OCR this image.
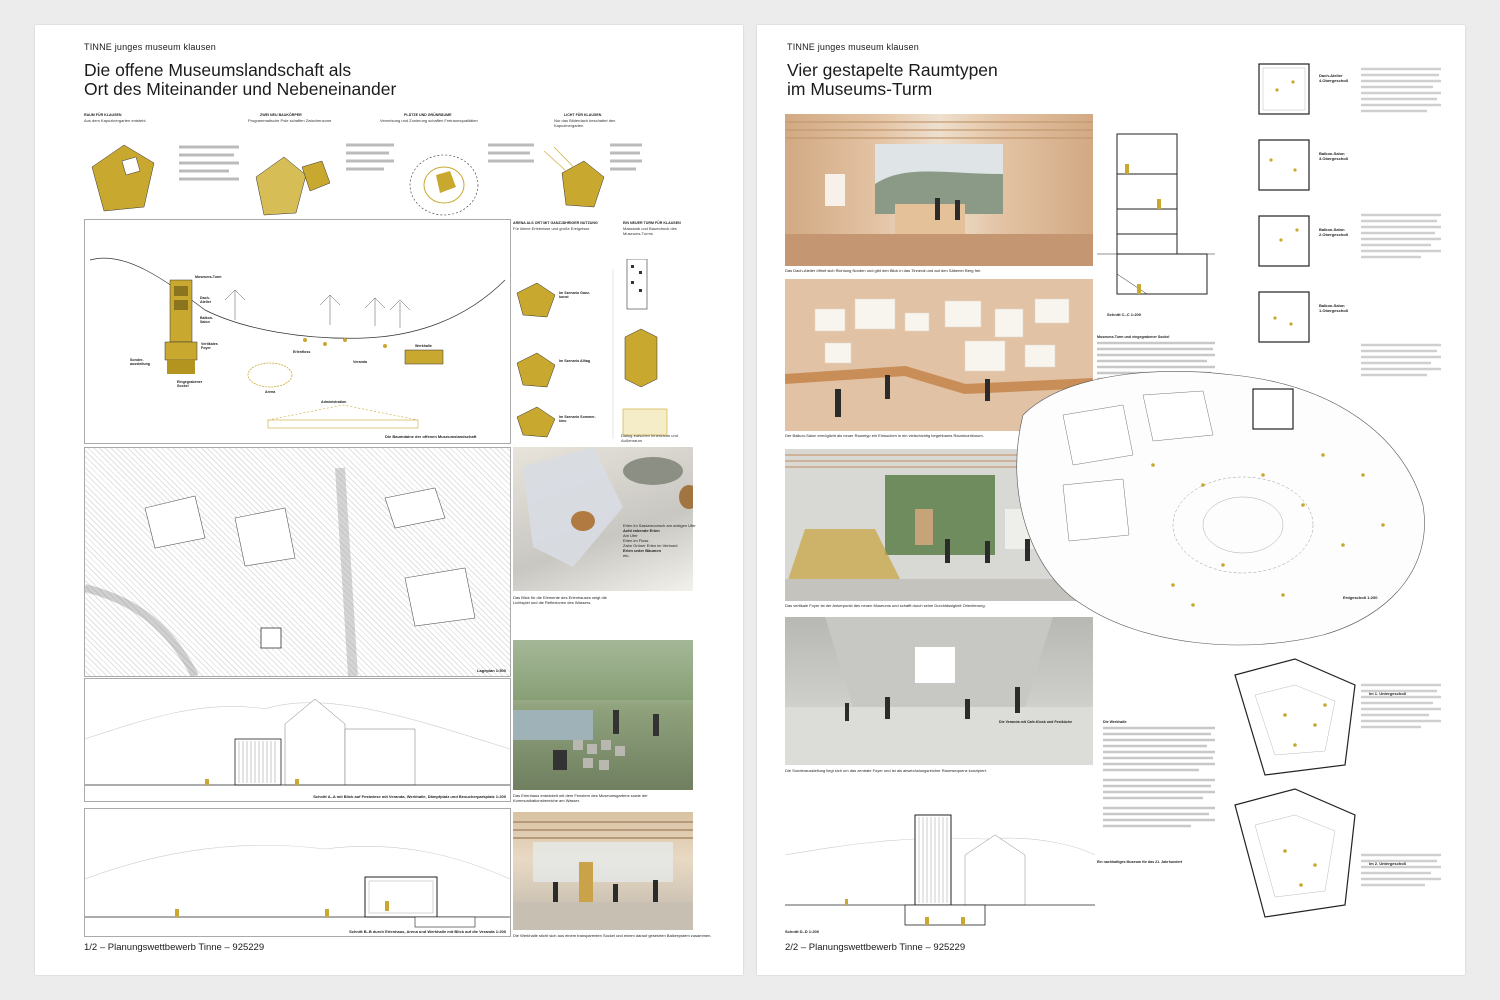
TINNE junges museum klausen
Die offene Museumslandschaft als
Ort des Miteinander und Nebeneinander
RAUM FÜR KLAUSEN
Aus dem Kapuzinergarten entsteht
ZWEI NEU BAUKÖRPER
Programmatische Pole schaffen Zwischenzone
PLÄTZE UND GRÜNRÄUME
Vernetzung und Zonierung schaffen Freiraumqualitäten
LICHT FÜR KLAUSEN
Nur das Bilderdach beschattet den Kapuzinergarten
Museums-Turm
Dach- Atelier
Balkon- Salon
Vertikales Foyer
Sonder- ausstellung
Eingegrabener Sockel
Veranda
Werkhalle
Erlenfloss
Arena
Administration
Die Baumdaine der offenen Museumslandschaft
ARENA ALS ORT MIT GANZJÄHRIGER NUTZUNG
Für kleine Erlebnisse und große Ereignisse
EIN NEUER TURM FÜR KLAUSEN
Massstab und Baumdruck des Museums-Turms
Im Szenario Ganz- kunst
Im Szenario Alltag
Im Szenario Sommer- kino
Dialog zwischen Innenraum und Außenraum
Lageplan 1:500
Erlen im Sassemoorsch am ulotigen Ufer
Acht rahende Erlen
Am Ufer
Erlen im Fluss
Zahn Grüner Erlen im Verbund
Erlen unter Bäumen
etc.
Das Blick für die Elemente des Erlenhauses zeigt die Lichtspiel und die Reflexionen des Wassers.
Das Erlenhaus entwickelt mit dem Fenstern des Museumsgartens sowie der Kommunikationsbereiche am Wasser.
Schnitt A–A mit Blick auf Festwiese mit Veranda, Werkhalle, Dämpfplatz und Besucherparkplatz 1:200
Schnitt B–B durch Erlenhaus, Arena und Werkhalle mit Blick auf die Veranda 1:200
Die Werkhalle sticht sich aus einem transparenten Sockel und einem darauf gesetzten Balkenystem zusammen.
1/2 – Planungswettbewerb Tinne – 925229
TINNE junges museum klausen
Vier gestapelte Raumtypen
im Museums-Turm
Das Dach-Atelier öffnet sich Richtung Norden und gibt den Blick in das Tinneral und auf den Säbener Berg frei.
Der Balkon-Salon ermöglicht als neuer Raumtyp ein Einsuchen in ein vielschichtig begehbares Raumkontinuum.
Das vertikale Foyer ist der Ankerpunkt des neuen Museums und schafft durch seine Durchlässigkeit Orientierung.
Die Sonderausstellung liegt sich um das zentrale Foyer und ist als abwechslungsreicher Raumsequenz konzipiert.
Schnitt C–C 1:200
Museums-Turm und eingegrabener Sockel
Die Veranda mit Cafe-Kiosk und Festküche	Die Werkhalle
Schnitt D–D 1:200
Ein nachhaltiges Museum für das 21. Jahrhundert
Dach-Atelier 4.Obergeschoß
Balkon-Salon 3.Obergeschoß
Balkon-Salon 2.Obergeschoß
Balkon-Salon 1.Obergeschoß
Erdgeschoß 1:200
Im 1. Untergeschoß
Im 2. Untergeschoß
2/2 – Planungswettbewerb Tinne – 925229
